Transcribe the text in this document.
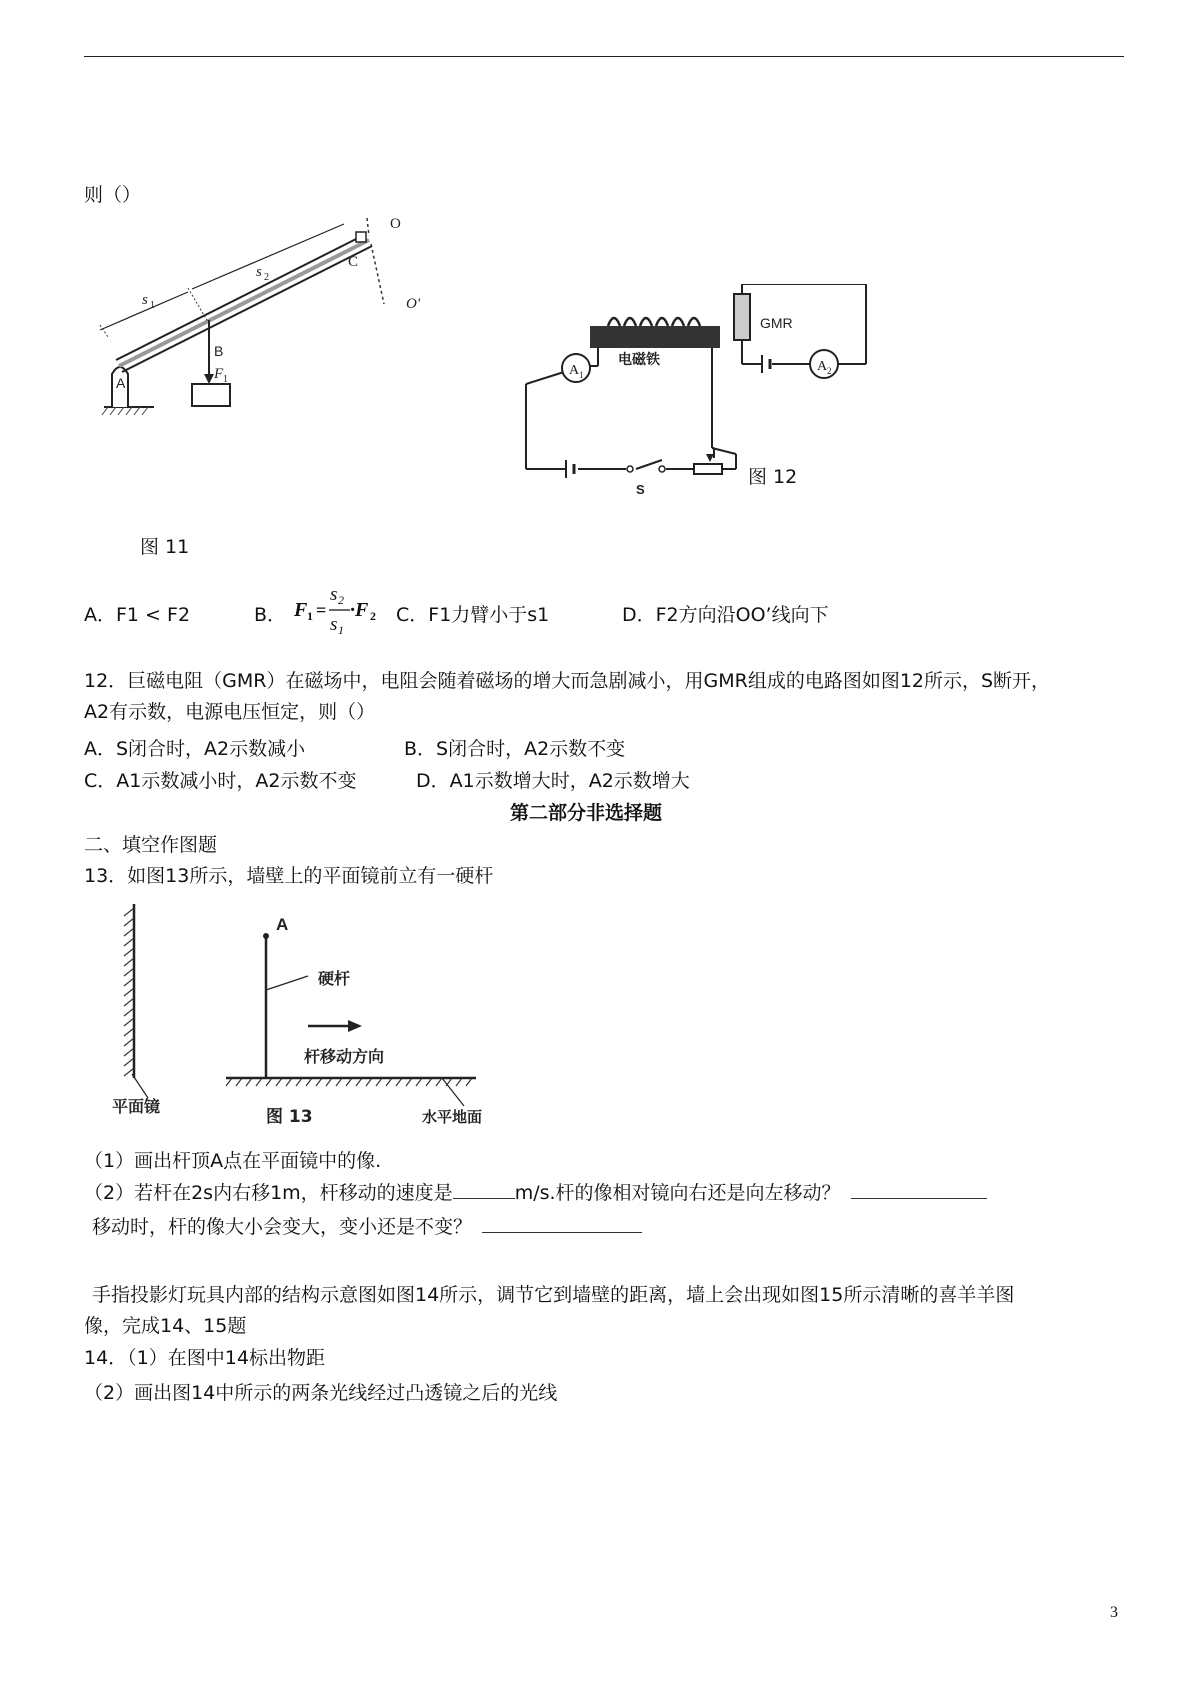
则（）
O
O'
C
s 1
s 2
A
B
F 1
图 11
A 1
S
电磁铁	A 2
GMR
图 12
A．F1 < F2	B． F 1 =
s 2
s 1
·F 2 C．F1力臂小于s1	D．F2方向沿OO’线向下
12．巨磁电阻（GMR）在磁场中，电阻会随着磁场的增大而急剧减小，用GMR组成的电路图如图12所示，S断开，
A2有示数，电源电压恒定，则（）
A．S闭合时，A2示数减小	B．S闭合时，A2示数不变
C．A1示数减小时，A2示数不变	D．A1示数增大时，A2示数增大
第二部分非选择题
二、填空作图题
13．如图13所示，墙壁上的平面镜前立有一硬杆
A
硬杆
杆移动方向
平面镜
图 13	水平地面
（1）画出杆顶A点在平面镜中的像.
（2）若杆在2s内右移1m，杆移动的速度是	m/s.杆的像相对镜向右还是向左移动？
移动时，杆的像大小会变大，变小还是不变？
手指投影灯玩具内部的结构示意图如图14所示，调节它到墙壁的距离，墙上会出现如图15所示清晰的喜羊羊图
像，完成14、15题
14．（1）在图中14标出物距
（2）画出图14中所示的两条光线经过凸透镜之后的光线
3
